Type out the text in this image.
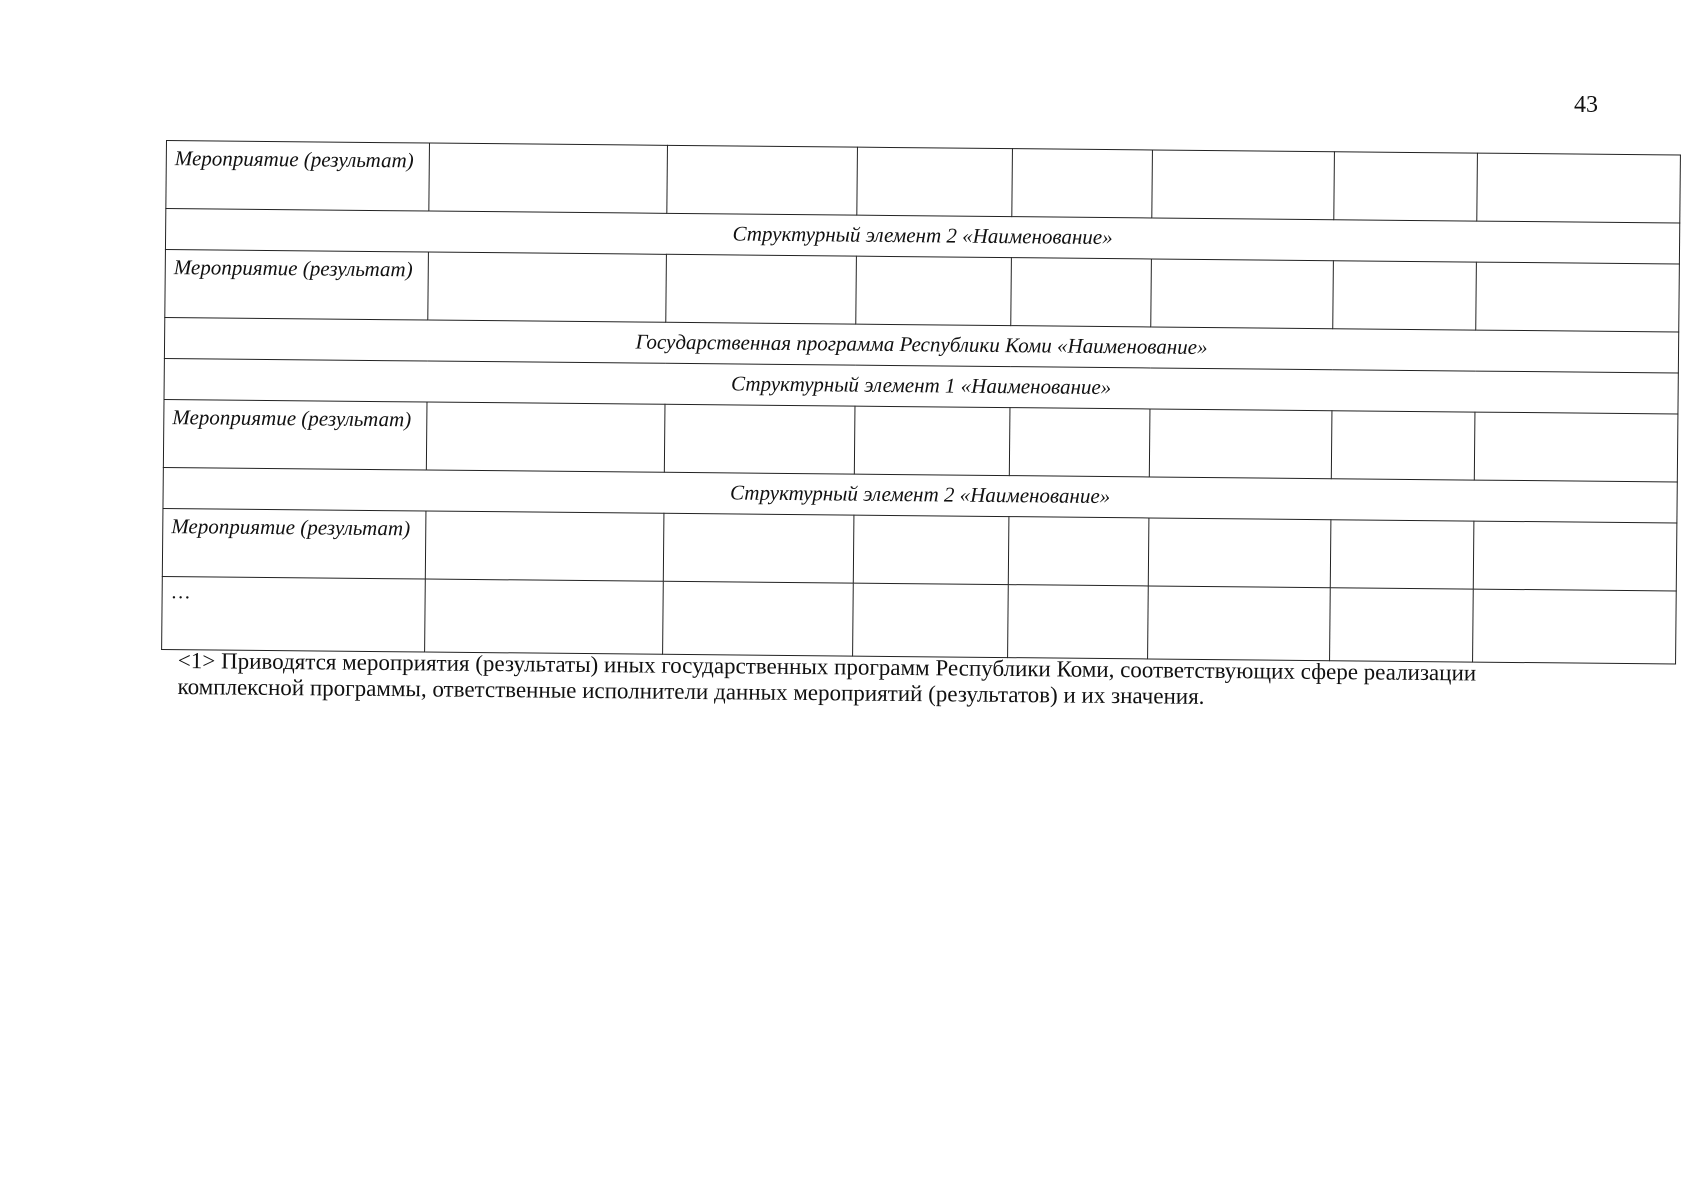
43
Мероприятие (результат)							
Структурный элемент 2 «Наименование»							
Мероприятие (результат)							
Государственная программа Республики Коми «Наименование»							
Структурный элемент 1 «Наименование»							
Мероприятие (результат)							
Структурный элемент 2 «Наименование»							
Мероприятие (результат)							
…							
<1> Приводятся мероприятия (результаты) иных государственных программ Республики Коми, соответствующих сфере реализации комплексной программы, ответственные исполнители данных мероприятий (результатов) и их значения.
